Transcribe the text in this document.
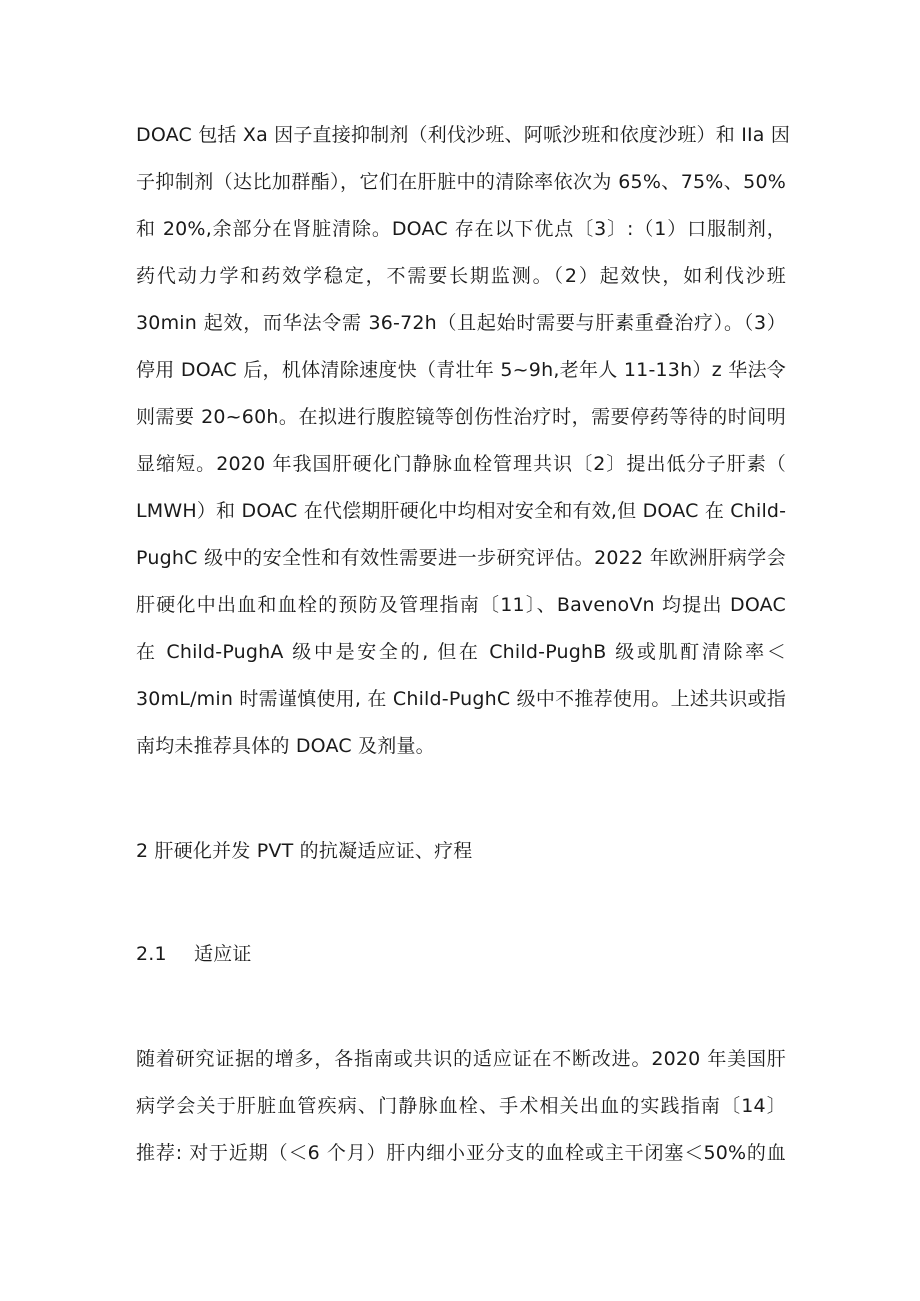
DOAC 包括 Xa 因子直接抑制剂（利伐沙班、阿哌沙班和依度沙班）和 IIa 因
子抑制剂（达比加群酯），它们在肝脏中的清除率依次为 65%、75%、50%
和 20%,余部分在肾脏清除。DOAC 存在以下优点〔3〕:（1）口服制剂，
药代动力学和药效学稳定，不需要长期监测。（2）起效快，如利伐沙班
30min 起效，而华法令需 36-72h（且起始时需要与肝素重叠治疗）。（3）
停用 DOAC 后，机体清除速度快（青壮年 5~9h,老年人 11-13h）z 华法令
则需要 20~60h。在拟进行腹腔镜等创伤性治疗时，需要停药等待的时间明
显缩短。2020 年我国肝硬化门静脉血栓管理共识〔2〕提出低分子肝素（
LMWH）和 DOAC 在代偿期肝硬化中均相对安全和有效,但 DOAC 在 Child-
PughC 级中的安全性和有效性需要进一步研究评估。2022 年欧洲肝病学会
肝硬化中出血和血栓的预防及管理指南〔11〕、BavenoVn 均提出 DOAC
在 Child-PughA 级中是安全的, 但在 Child-PughB 级或肌酊清除率＜
30mL/min 时需谨慎使用, 在 Child-PughC 级中不推荐使用。上述共识或指
南均未推荐具体的 DOAC 及剂量。
2 肝硬化并发 PVT 的抗凝适应证、疗程
2.1 适应证
随着研究证据的增多，各指南或共识的适应证在不断改进。2020 年美国肝
病学会关于肝脏血管疾病、门静脉血栓、手术相关出血的实践指南〔14〕
推荐: 对于近期（＜6 个月）肝内细小亚分支的血栓或主干闭塞＜50%的血
